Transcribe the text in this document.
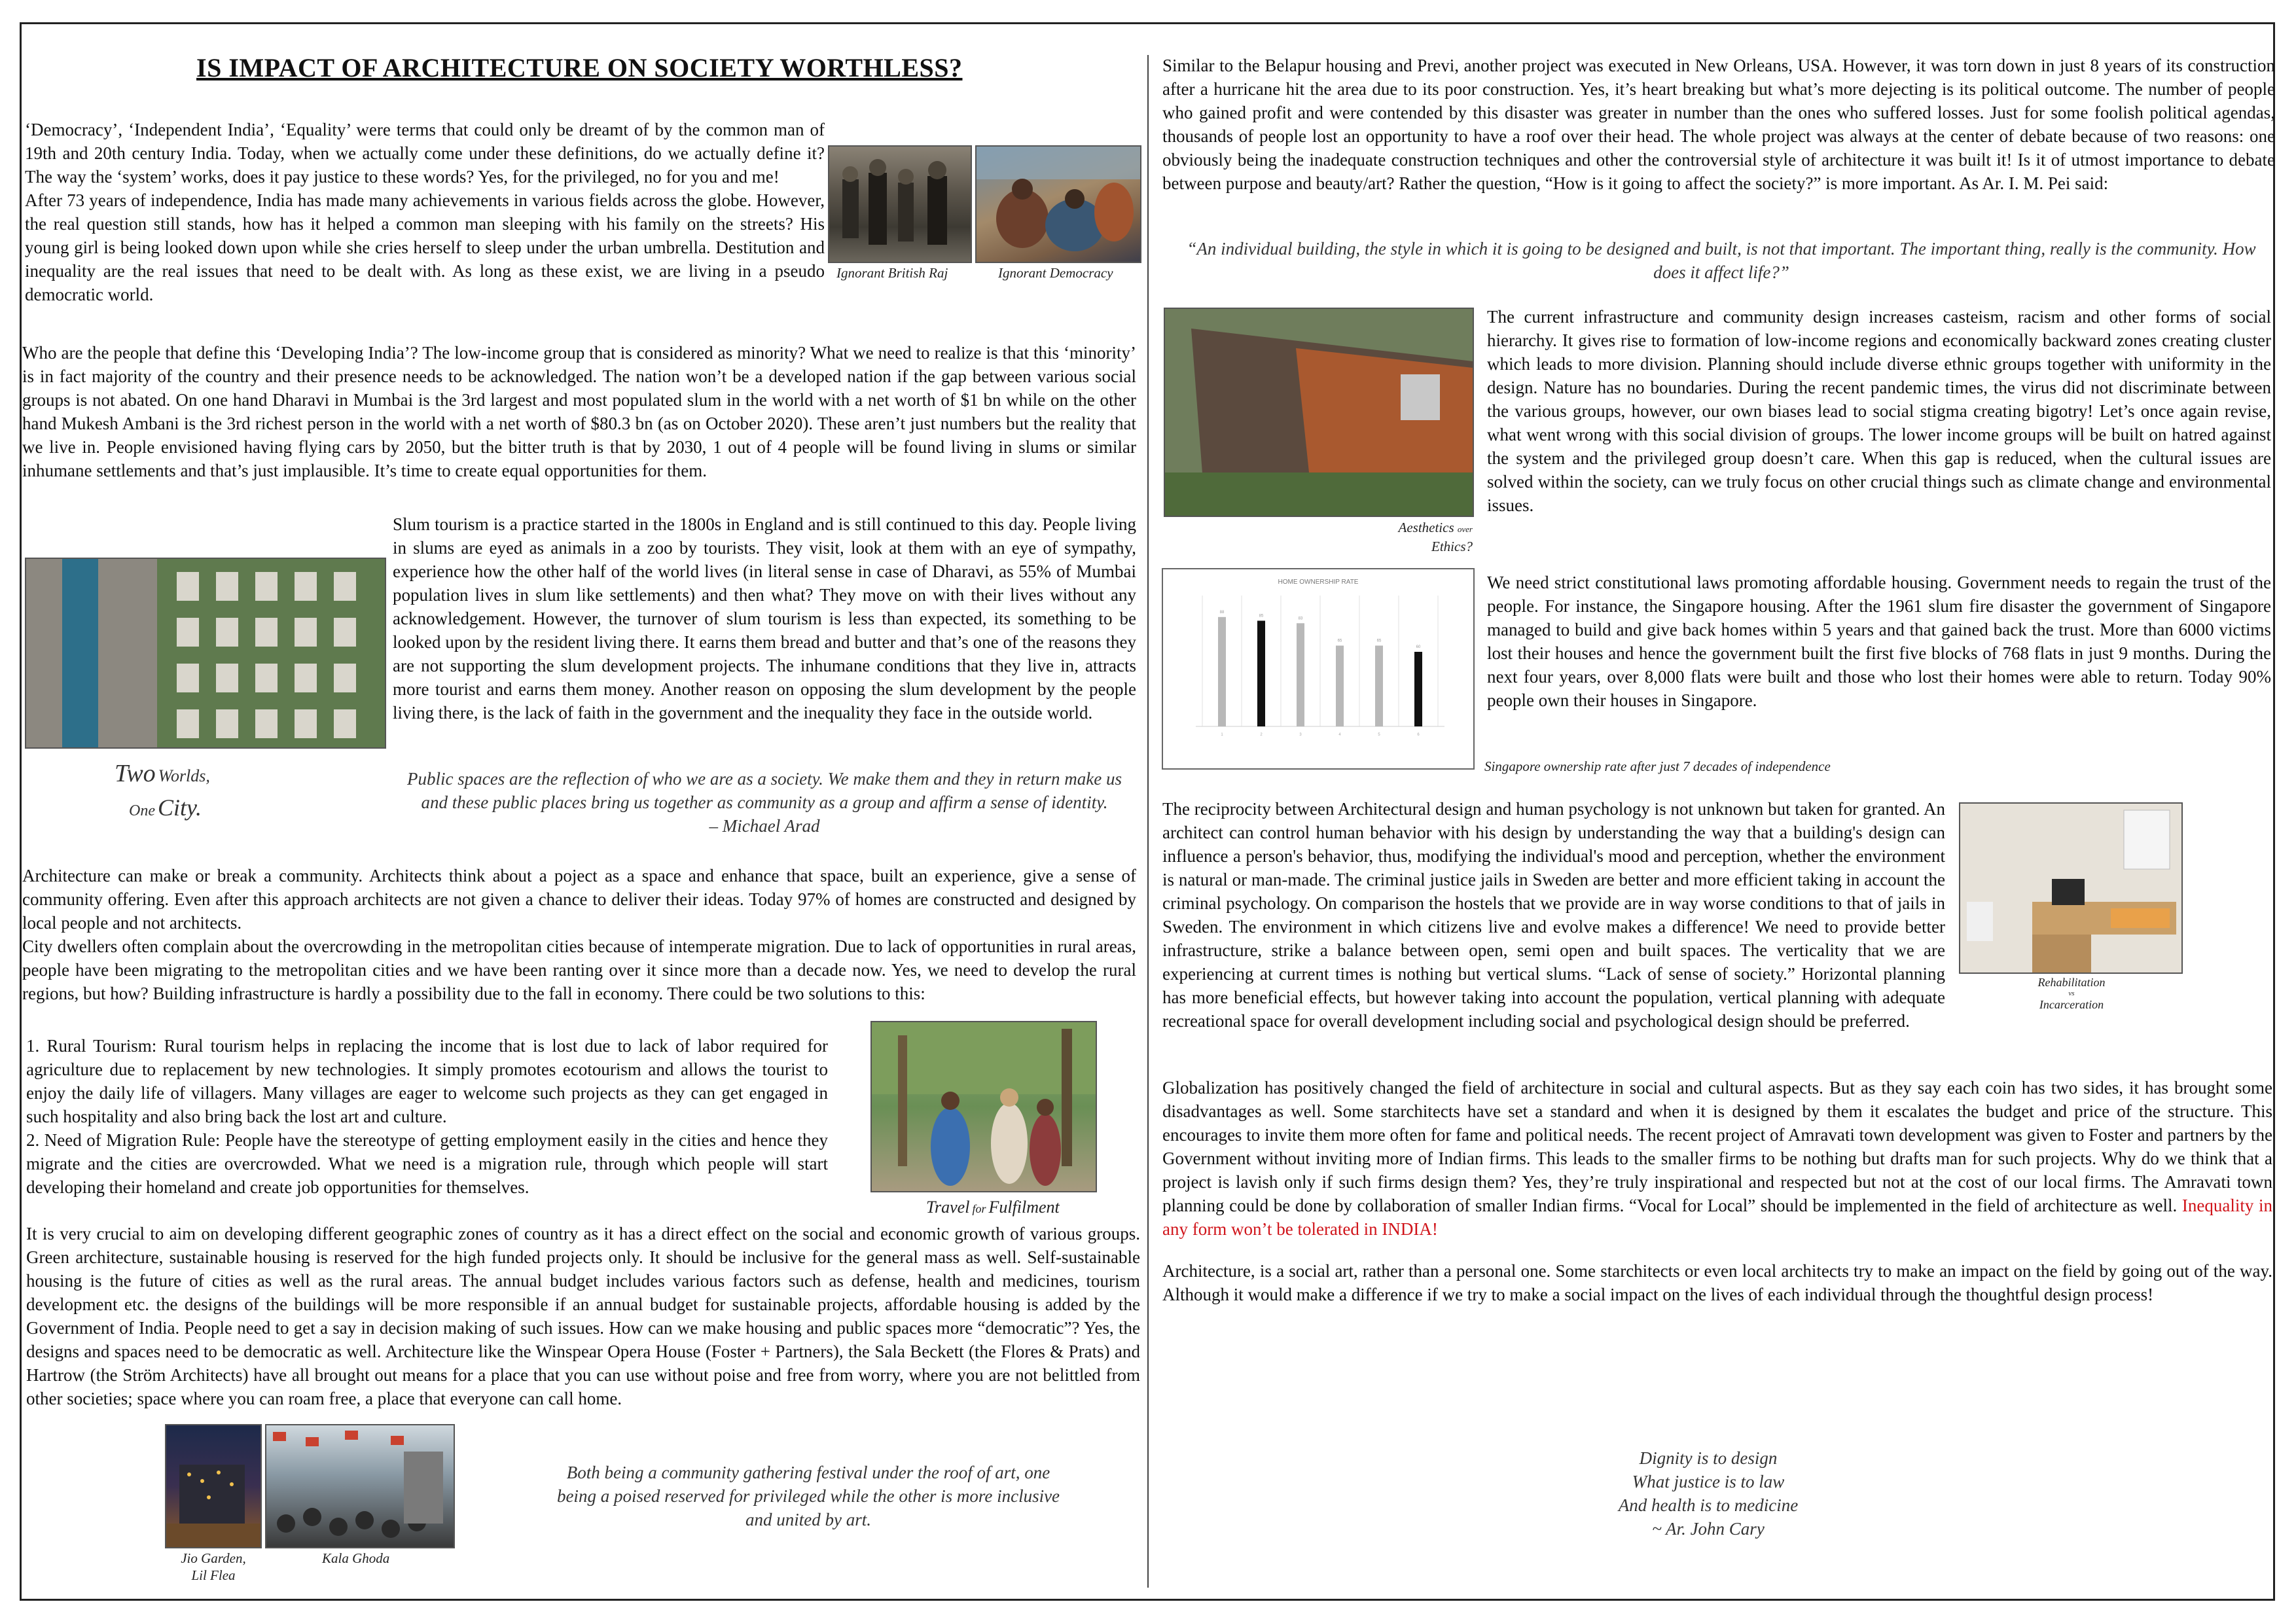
IS IMPACT OF ARCHITECTURE ON SOCIETY WORTHLESS?

‘Democracy’, ‘Independent India’, ‘Equality’ were terms that could only be dreamt of by the common man of 19th and 20th century India. Today, when we actually come under these definitions, do we actually define it? The way the ‘system’ works, does it pay justice to these words? Yes, for the privileged, no for you and me!

After 73 years of independence, India has made many achievements in various fields across the globe. However, the real question still stands, how has it helped a common man sleeping with his family on the streets? His young girl is being looked down upon while she cries herself to sleep under the urban umbrella. Destitution and inequality are the real issues that need to be dealt with. As long as these exist, we are living in a pseudo democratic world.

Ignorant British Raj	Ignorant Democracy

Who are the people that define this ‘Developing India’? The low-income group that is considered as minority? What we need to realize is that this ‘minority’ is in fact majority of the country and their presence needs to be acknowledged. The nation won’t be a developed nation if the gap between various social groups is not abated. On one hand Dharavi in Mumbai is the 3rd largest and most populated slum in the world with a net worth of $1 bn while on the other hand Mukesh Ambani is the 3rd richest person in the world with a net worth of $80.3 bn (as on October 2020). These aren’t just numbers but the reality that we live in. People envisioned having flying cars by 2050, but the bitter truth is that by 2030, 1 out of 4 people will be found living in slums or similar inhumane settlements and that’s just implausible. It’s time to create equal opportunities for them.

Two Worlds,
One City.

Slum tourism is a practice started in the 1800s in England and is still continued to this day. People living in slums are eyed as animals in a zoo by tourists. They visit, look at them with an eye of sympathy, experience how the other half of the world lives (in literal sense in case of Dharavi, as 55% of Mumbai population lives in slum like settlements) and then what? They move on with their lives without any acknowledgement. However, the turnover of slum tourism is less than expected, its something to be looked upon by the resident living there. It earns them bread and butter and that’s one of the reasons they are not supporting the slum development projects. The inhumane conditions that they live in, attracts more tourist and earns them money. Another reason on opposing the slum development by the people living there, is the lack of faith in the government and the inequality they face in the outside world.

Public spaces are the reflection of who we are as a society. We make them and they in return make us and these public places bring us together as community as a group and affirm a sense of identity.

– Michael Arad

Architecture can make or break a community. Architects think about a poject as a space and enhance that space, built an experience, give a sense of community offering. Even after this approach architects are not given a chance to deliver their ideas. Today 97% of homes are constructed and designed by local people and not architects.

City dwellers often complain about the overcrowding in the metropolitan cities because of intemperate migration. Due to lack of opportunities in rural areas, people have been migrating to the metropolitan cities and we have been ranting over it since more than a decade now. Yes, we need to develop the rural regions, but how? Building infrastructure is hardly a possibility due to the fall in economy. There could be two solutions to this:

1. Rural Tourism: Rural tourism helps in replacing the income that is lost due to lack of labor required for agriculture due to replacement by new technologies. It simply promotes ecotourism and allows the tourist to enjoy the daily life of villagers. Many villages are eager to welcome such projects as they can get engaged in such hospitality and also bring back the lost art and culture.

2. Need of Migration Rule: People have the stereotype of getting employment easily in the cities and hence they migrate and the cities are overcrowded. What we need is a migration rule, through which people will start developing their homeland and create job opportunities for themselves.

Travel for Fulfilment

It is very crucial to aim on developing different geographic zones of country as it has a direct effect on the social and economic growth of various groups. Green architecture, sustainable housing is reserved for the high funded projects only. It should be inclusive for the general mass as well. Self-sustainable housing is the future of cities as well as the rural areas. The annual budget includes various factors such as defense, health and medicines, tourism development etc. the designs of the buildings will be more responsible if an annual budget for sustainable projects, affordable housing is added by the Government of India. People need to get a say in decision making of such issues. How can we make housing and public spaces more “democratic”? Yes, the designs and spaces need to be democratic as well. Architecture like the Winspear Opera House (Foster + Partners), the Sala Beckett (the Flores & Prats) and Hartrow (the Ström Architects) have all brought out means for a place that you can use without poise and free from worry, where you are not belittled from other societies; space where you can roam free, a place that everyone can call home.

Jio Garden,
Lil Flea
Kala Ghoda

Both being a community gathering festival under the roof of art, one being a poised reserved for privileged while the other is more inclusive and united by art.

Similar to the Belapur housing and Previ, another project was executed in New Orleans, USA. However, it was torn down in just 8 years of its construction after a hurricane hit the area due to its poor construction. Yes, it’s heart breaking but what’s more dejecting is its political outcome. The number of people who gained profit and were contended by this disaster was greater in number than the ones who suffered losses. Just for some foolish political agendas, thousands of people lost an opportunity to have a roof over their head. The whole project was always at the center of debate because of two reasons: one obviously being the inadequate construction techniques and other the controversial style of architecture it was built it! Is it of utmost importance to debate between purpose and beauty/art? Rather the question, “How is it going to affect the society?” is more important. As Ar. I. M. Pei said:

“An individual building, the style in which it is going to be designed and built, is not that important. The important thing, really is the community. How does it affect life?”

Aesthetics over
Ethics?

The current infrastructure and community design increases casteism, racism and other forms of social hierarchy. It gives rise to formation of low-income regions and economically backward zones creating cluster which leads to more division. Planning should include diverse ethnic groups together with uniformity in the design. Nature has no boundaries. During the recent pandemic times, the virus did not discriminate between the various groups, however, our own biases lead to social stigma creating bigotry! Let’s once again revise, what went wrong with this social division of groups. The lower income groups will be built on hatred against the system and the privileged group doesn’t care. When this gap is reduced, when the cultural issues are solved within the society, can we truly focus on other crucial things such as climate change and environmental issues.

HOME OWNERSHIP RATE
88
1
85
2
83
3
65
4
65
5
60
6
Singapore ownership rate after just 7 decades of independence

We need strict constitutional laws promoting affordable housing. Government needs to regain the trust of the people. For instance, the Singapore housing. After the 1961 slum fire disaster the government of Singapore managed to build and give back homes within 5 years and that gained back the trust. More than 6000 victims lost their houses and hence the government built the first five blocks of 768 flats in just 9 months. During the next four years, over 8,000 flats were built and those who lost their homes were able to return. Today 90% people own their houses in Singapore.

The reciprocity between Architectural design and human psychology is not unknown but taken for granted. An architect can control human behavior with his design by understanding the way that a building's design can influence a person's behavior, thus, modifying the individual's mood and perception, whether the environment is natural or man-made. The criminal justice jails in Sweden are better and more efficient taking in account the criminal psychology. On comparison the hostels that we provide are in way worse conditions to that of jails in Sweden. The environment in which citizens live and evolve makes a difference! We need to provide better infrastructure, strike a balance between open, semi open and built spaces. The verticality that we are experiencing at current times is nothing but vertical slums. “Lack of sense of society.” Horizontal planning has more beneficial effects, but however taking into account the population, vertical planning with adequate recreational space for overall development including social and psychological design should be preferred.

Rehabilitation
vs
Incarceration

Globalization has positively changed the field of architecture in social and cultural aspects. But as they say each coin has two sides, it has brought some disadvantages as well. Some starchitects have set a standard and when it is designed by them it escalates the budget and price of the structure. This encourages to invite them more often for fame and political needs. The recent project of Amravati town development was given to Foster and partners by the Government without inviting more of Indian firms. This leads to the smaller firms to be nothing but drafts man for such projects. Why do we think that a project is lavish only if such firms design them? Yes, they’re truly inspirational and respected but not at the cost of our local firms. The Amravati town planning could be done by collaboration of smaller Indian firms. “Vocal for Local” should be implemented in the field of architecture as well. Inequality in any form won’t be tolerated in INDIA!

Architecture, is a social art, rather than a personal one. Some starchitects or even local architects try to make an impact on the field by going out of the way. Although it would make a difference if we try to make a social impact on the lives of each individual through the thoughtful design process!

Dignity is to design

What justice is to law

And health is to medicine

~ Ar. John Cary
